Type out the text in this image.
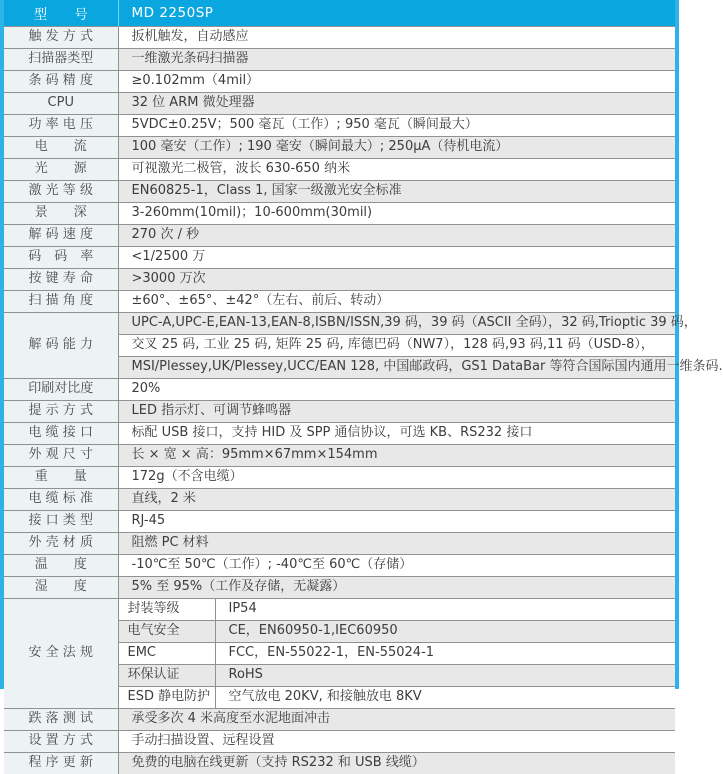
型　　号	MD 2250SP	
触 发 方 式	扳机触发，自动感应	
扫描器类型	一维激光条码扫描器	
条 码 精 度	≥0.102mm（4mil）	
CPU	32 位 ARM 微处理器	
功 率 电 压	5VDC±0.25V；500 毫瓦（工作）; 950 毫瓦（瞬间最大）	
电　　流	100 毫安（工作）; 190 毫安（瞬间最大）; 250μA（待机电流）	
光　　源	可视激光二极管，波长 630-650 纳米	
激 光 等 级	EN60825-1，Class 1, 国家一级激光安全标准	
景　　深	3-260mm(10mil)；10-600mm(30mil)	
解 码 速 度	270 次 / 秒	
码　码　率	<1/2500 万	
按 键 寿 命	>3000 万次	
扫 描 角 度	±60°、±65°、±42°（左右、前后、转动）	
解 码 能 力	UPC-A,UPC-E,EAN-13,EAN-8,ISBN/ISSN,39 码，39 码（ASCII 全码），32 码,Trioptic 39 码，	
	交叉 25 码, 工业 25 码, 矩阵 25 码, 库德巴码（NW7），128 码,93 码,11 码（USD-8），	
	MSI/Plessey,UK/Plessey,UCC/EAN 128, 中国邮政码，GS1 DataBar 等符合国际国内通用一维条码.	
印刷对比度	20%	
提 示 方 式	LED 指示灯、可调节蜂鸣器	
电 缆 接 口	标配 USB 接口，支持 HID 及 SPP 通信协议，可选 KB、RS232 接口	
外 观 尺 寸	长 × 宽 × 高：95mm×67mm×154mm	
重　　量	172g（不含电缆）	
电 缆 标 准	直线，2 米	
接 口 类 型	RJ-45	
外 壳 材 质	阻燃 PC 材料	
温　　度	-10℃至 50℃（工作）; -40℃至 60℃（存储）	
湿　　度	5% 至 95%（工作及存储，无凝露）	
安 全 法 规	封装等级	IP54
	电气安全	CE，EN60950-1,IEC60950
	EMC	FCC，EN-55022-1，EN-55024-1
	环保认证	RoHS
	ESD 静电防护	空气放电 20KV, 和接触放电 8KV
跌 落 测 试	承受多次 4 米高度至水泥地面冲击	
设 置 方 式	手动扫描设置、远程设置	
程 序 更 新	免费的电脑在线更新（支持 RS232 和 USB 线缆）	
